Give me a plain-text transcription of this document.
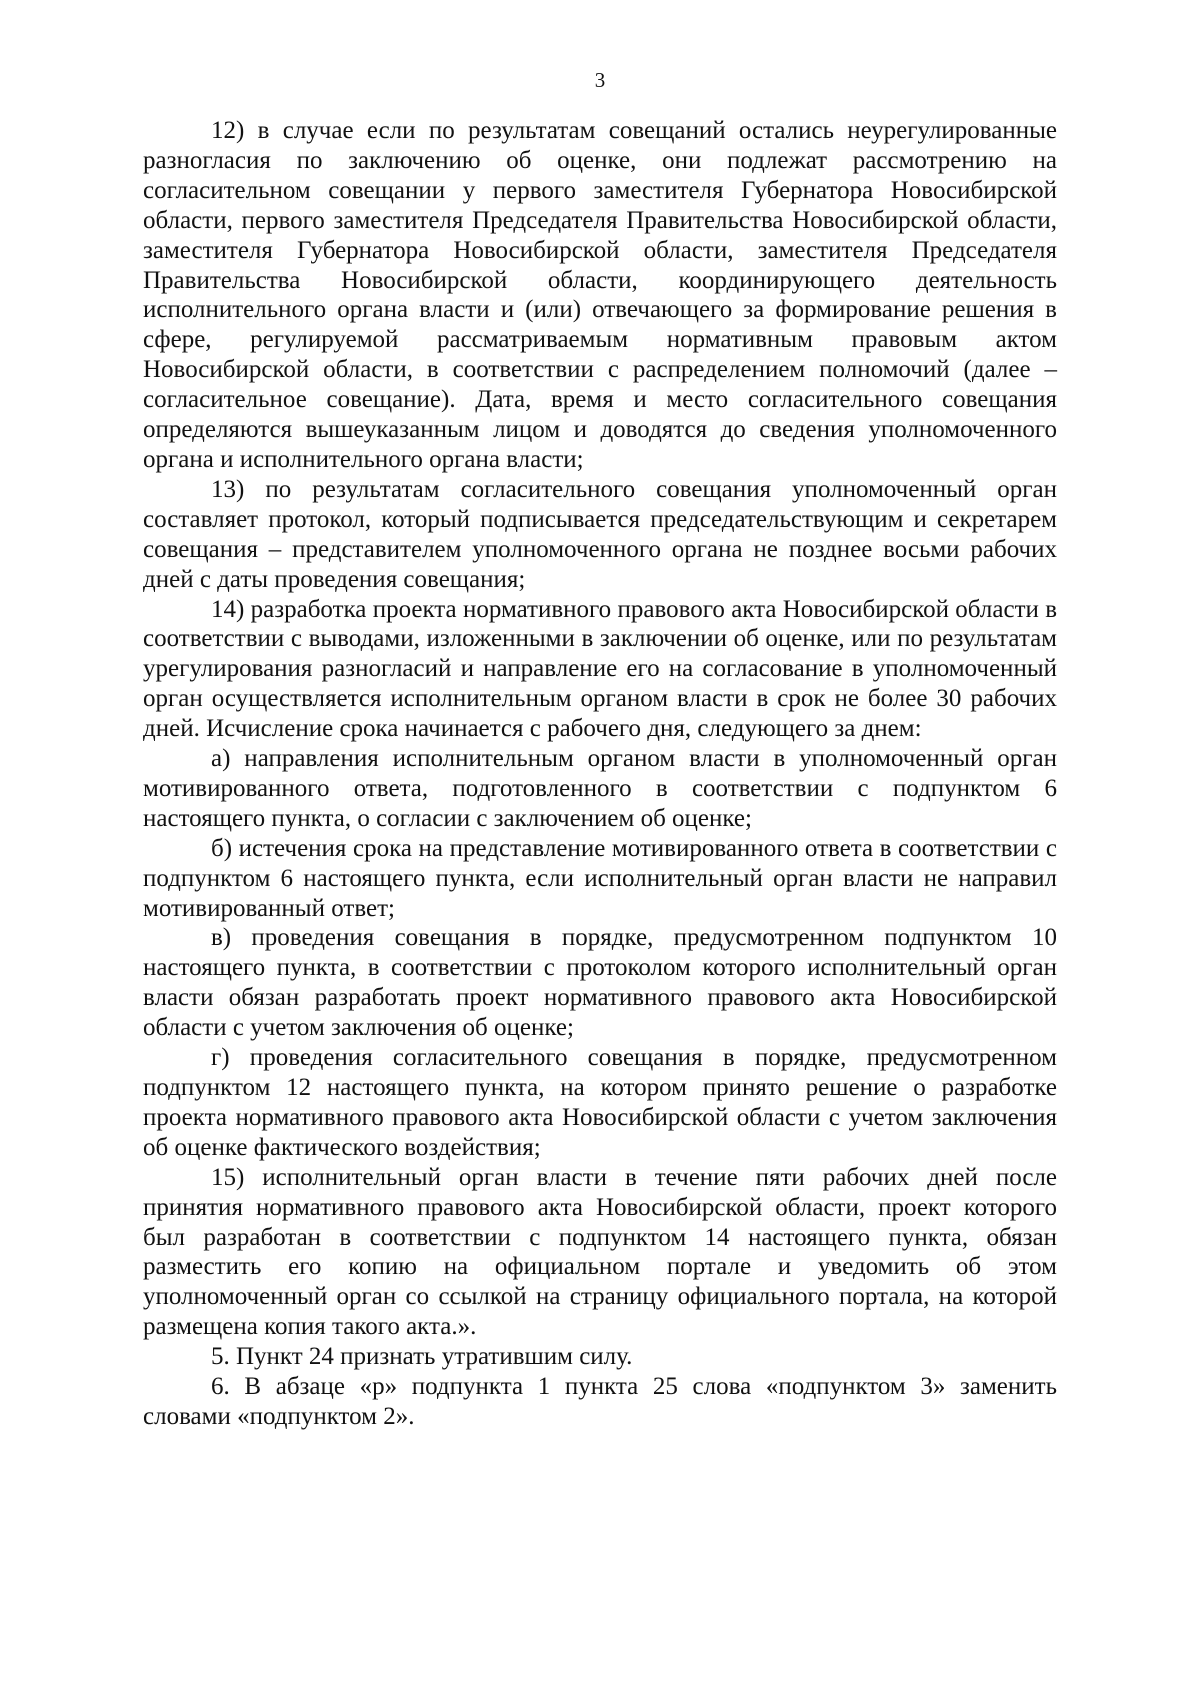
3

12) в случае если по результатам совещаний остались неурегулированные разногласия по заключению об оценке, они подлежат рассмотрению на согласительном совещании у первого заместителя Губернатора Новосибирской области, первого заместителя Председателя Правительства Новосибирской области, заместителя Губернатора Новосибирской области, заместителя Председателя Правительства Новосибирской области, координирующего деятельность исполнительного органа власти и (или) отвечающего за формирование решения в сфере, регулируемой рассматриваемым нормативным правовым актом Новосибирской области, в соответствии с распределением полномочий (далее – согласительное совещание). Дата, время и место согласительного совещания определяются вышеуказанным лицом и доводятся до сведения уполномоченного органа и исполнительного органа власти;

13) по результатам согласительного совещания уполномоченный орган составляет протокол, который подписывается председательствующим и секретарем совещания – представителем уполномоченного органа не позднее восьми рабочих дней с даты проведения совещания;

14) разработка проекта нормативного правового акта Новосибирской области в соответствии с выводами, изложенными в заключении об оценке, или по результатам урегулирования разногласий и направление его на согласование в уполномоченный орган осуществляется исполнительным органом власти в срок не более 30 рабочих дней. Исчисление срока начинается с рабочего дня, следующего за днем:

а) направления исполнительным органом власти в уполномоченный орган мотивированного ответа, подготовленного в соответствии с подпунктом 6 настоящего пункта, о согласии с заключением об оценке;

б) истечения срока на представление мотивированного ответа в соответствии с подпунктом 6 настоящего пункта, если исполнительный орган власти не направил мотивированный ответ;

в) проведения совещания в порядке, предусмотренном подпунктом 10 настоящего пункта, в соответствии с протоколом которого исполнительный орган власти обязан разработать проект нормативного правового акта Новосибирской области с учетом заключения об оценке;

г) проведения согласительного совещания в порядке, предусмотренном подпунктом 12 настоящего пункта, на котором принято решение о разработке проекта нормативного правового акта Новосибирской области с учетом заключения об оценке фактического воздействия;

15) исполнительный орган власти в течение пяти рабочих дней после принятия нормативного правового акта Новосибирской области, проект которого был разработан в соответствии с подпунктом 14 настоящего пункта, обязан разместить его копию на официальном портале и уведомить об этом уполномоченный орган со ссылкой на страницу официального портала, на которой размещена копия такого акта.».

5. Пункт 24 признать утратившим силу.

6. В абзаце «р» подпункта 1 пункта 25 слова «подпунктом 3» заменить словами «подпунктом 2».
